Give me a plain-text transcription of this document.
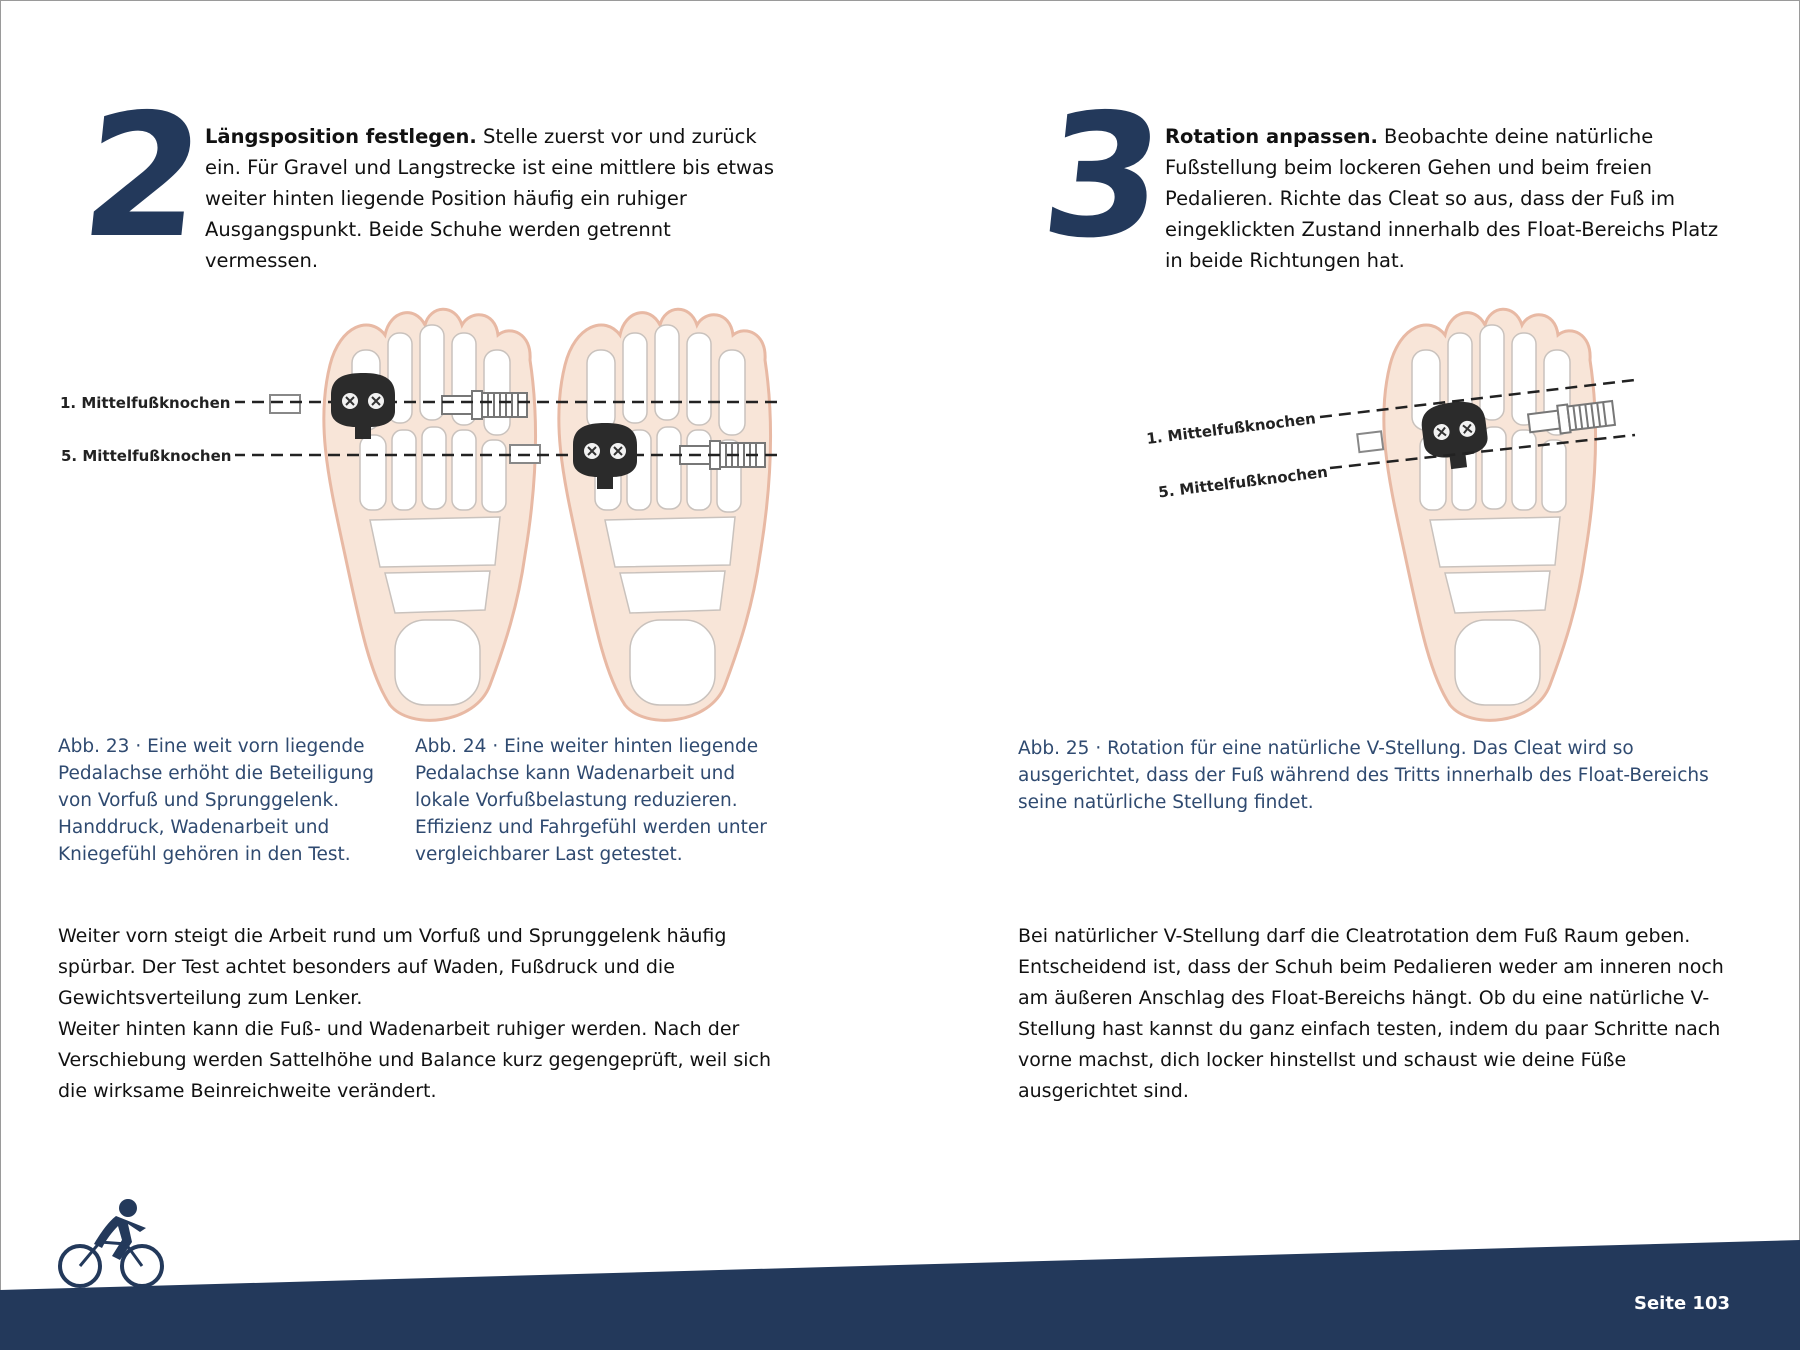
2
Längsposition festlegen. Stelle zuerst vor und zurück ein. Für Gravel und Langstrecke ist eine mittlere bis etwas weiter hinten liegende Position häufig ein ruhiger Ausgangspunkt. Beide Schuhe werden getrennt vermessen.	3
Rotation anpassen. Beobachte deine natürliche Fußstellung beim lockeren Gehen und beim freien Pedalieren. Richte das Cleat so aus, dass der Fuß im eingeklickten Zustand innerhalb des Float-Bereichs Platz in beide Richtungen hat.
1. Mittelfußknochen
5. Mittelfußknochen
1. Mittelfußknochen
5. Mittelfußknochen
Abb. 23 · Eine weit vorn liegende Pedalachse erhöht die Beteiligung von Vorfuß und Sprunggelenk. Handdruck, Wadenarbeit und Kniegefühl gehören in den Test.
Abb. 24 · Eine weiter hinten liegende Pedalachse kann Wadenarbeit und lokale Vorfußbelastung reduzieren. Effizienz und Fahrgefühl werden unter vergleichbarer Last getestet.
Abb. 25 · Rotation für eine natürliche V-Stellung. Das Cleat wird so ausgerichtet, dass der Fuß während des Tritts innerhalb des Float-Bereichs seine natürliche Stellung findet.

Weiter vorn steigt die Arbeit rund um Vorfuß und Sprunggelenk häufig spürbar. Der Test achtet besonders auf Waden, Fußdruck und die Gewichtsverteilung zum Lenker.

Weiter hinten kann die Fuß- und Wadenarbeit ruhiger werden. Nach der Verschiebung werden Sattelhöhe und Balance kurz gegengeprüft, weil sich die wirksame Beinreichweite verändert.

Bei natürlicher V-Stellung darf die Cleatrotation dem Fuß Raum geben. Entscheidend ist, dass der Schuh beim Pedalieren weder am inneren noch am äußeren Anschlag des Float-Bereichs hängt. Ob du eine natürliche V-Stellung hast kannst du ganz einfach testen, indem du paar Schritte nach vorne machst, dich locker hinstellst und schaust wie deine Füße ausgerichtet sind.

Seite 103
